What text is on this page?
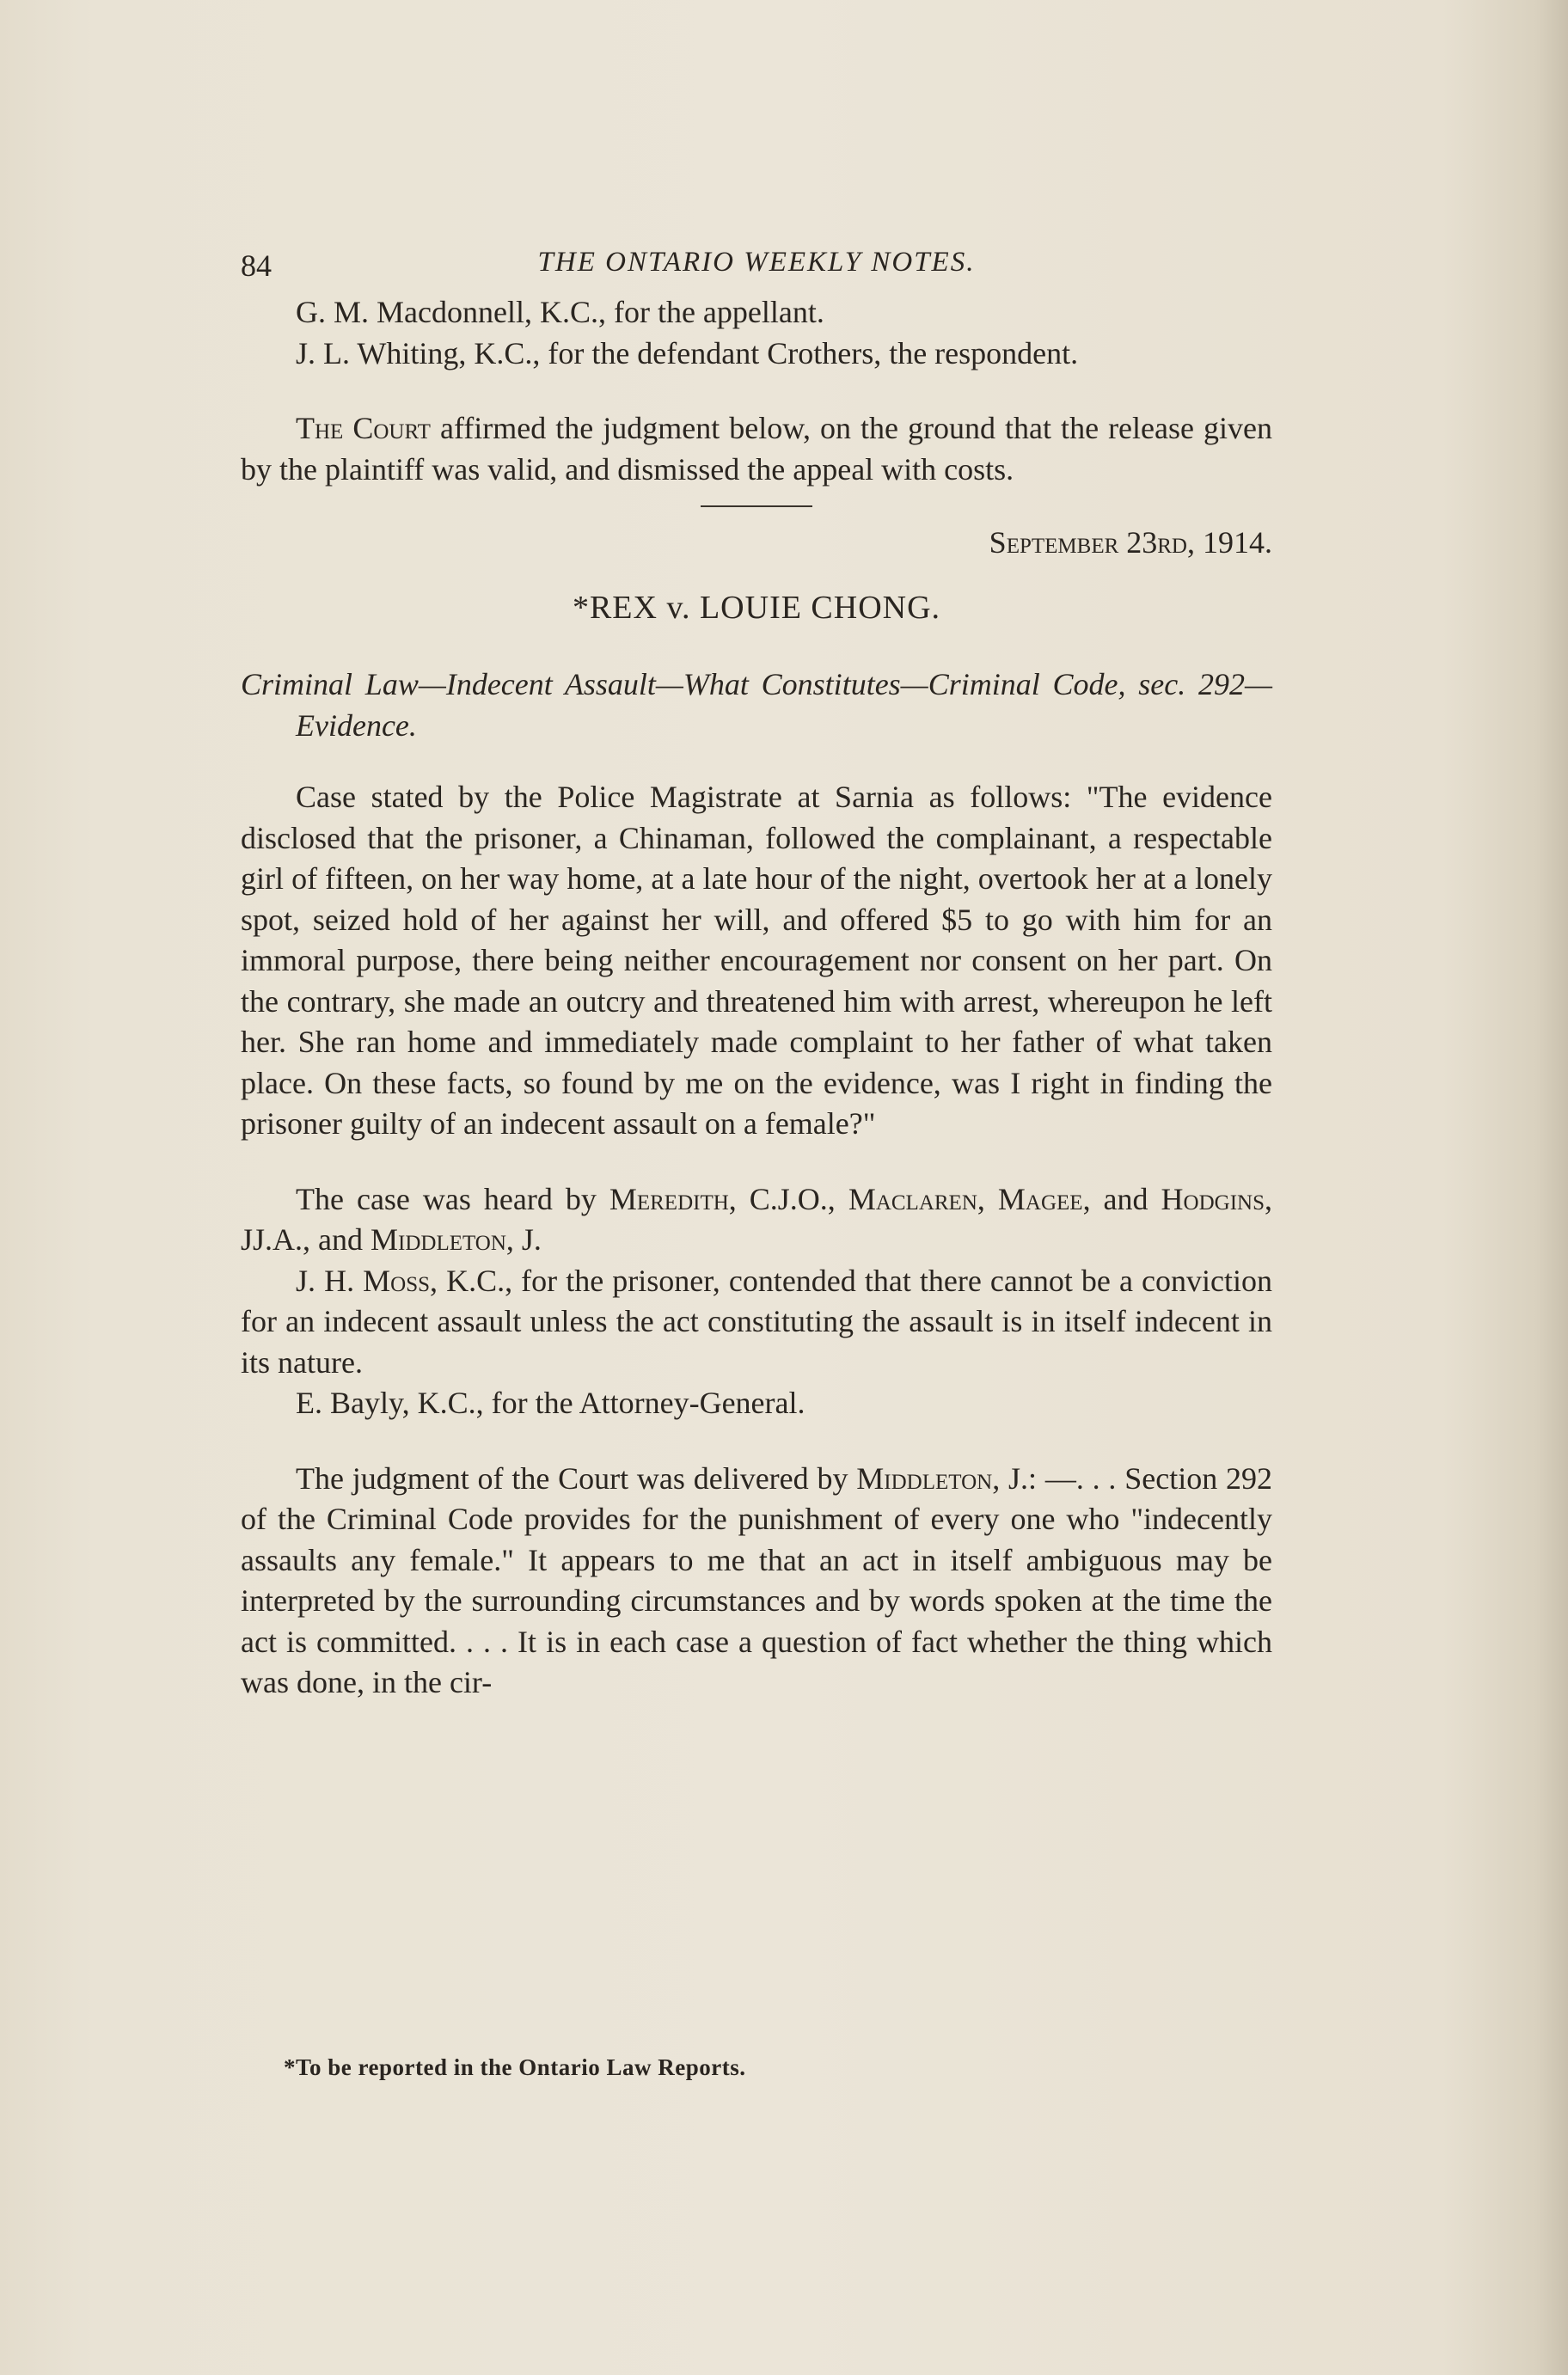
84	THE ONTARIO WEEKLY NOTES.

G. M. Macdonnell, K.C., for the appellant.

J. L. Whiting, K.C., for the defendant Crothers, the respondent.

The Court affirmed the judgment below, on the ground that the release given by the plaintiff was valid, and dismissed the appeal with costs.

September 23rd, 1914.

*REX v. LOUIE CHONG.

Criminal Law—Indecent Assault—What Constitutes—Criminal Code, sec. 292—Evidence.

Case stated by the Police Magistrate at Sarnia as follows: "The evidence disclosed that the prisoner, a Chinaman, followed the complainant, a respectable girl of fifteen, on her way home, at a late hour of the night, overtook her at a lonely spot, seized hold of her against her will, and offered $5 to go with him for an immoral purpose, there being neither encouragement nor consent on her part. On the contrary, she made an outcry and threatened him with arrest, whereupon he left her. She ran home and immediately made complaint to her father of what taken place. On these facts, so found by me on the evidence, was I right in finding the prisoner guilty of an indecent assault on a female?"

The case was heard by Meredith, C.J.O., Maclaren, Magee, and Hodgins, JJ.A., and Middleton, J.

J. H. Moss, K.C., for the prisoner, contended that there cannot be a conviction for an indecent assault unless the act constituting the assault is in itself indecent in its nature.

E. Bayly, K.C., for the Attorney-General.

The judgment of the Court was delivered by Middleton, J.: —. . . Section 292 of the Criminal Code provides for the punishment of every one who "indecently assaults any female." It appears to me that an act in itself ambiguous may be interpreted by the surrounding circumstances and by words spoken at the time the act is committed. . . . It is in each case a question of fact whether the thing which was done, in the cir-

*To be reported in the Ontario Law Reports.
